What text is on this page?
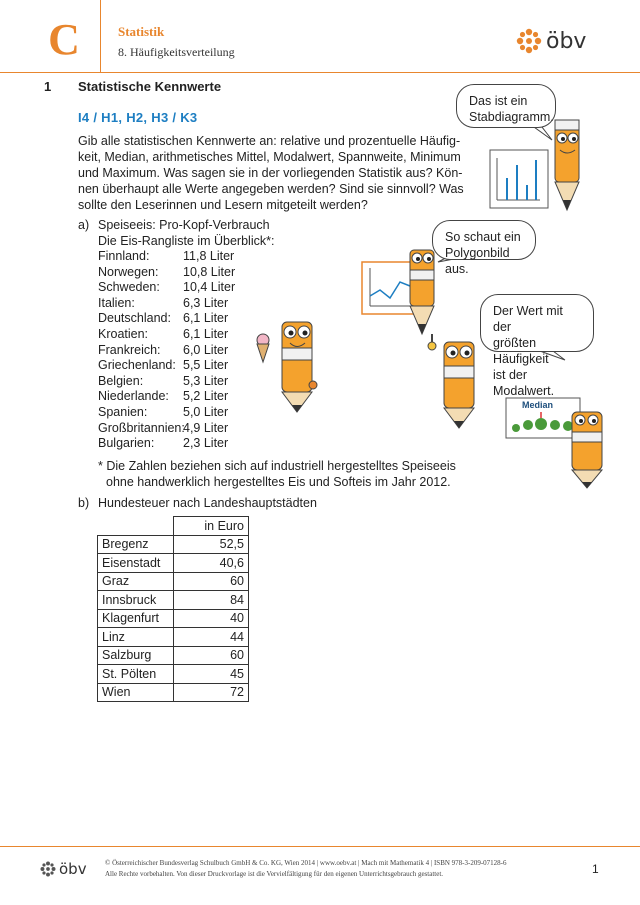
C	Statistik
8. Häufigkeitsverteilung	öbv
1 Statistische Kennwerte
I4 / H1, H2, H3 / K3
Gib alle statistischen Kennwerte an: relative und prozentuelle Häufig-
keit, Median, arithmetisches Mittel, Modalwert, Spannweite, Minimum
und Maximum. Was sagen sie in der vorliegenden Statistik aus? Kön-
nen überhaupt alle Werte angegeben werden? Sind sie sinnvoll? Was
sollte den Leserinnen und Lesern mitgeteilt werden?
a) Speiseeis: Pro-Kopf-Verbrauch
Die Eis-Rangliste im Überblick*:
Finnland:	11,8 Liter
Norwegen:	10,8 Liter
Schweden:	10,4 Liter
Italien:	6,3 Liter
Deutschland: 6,1 Liter
Kroatien:	6,1 Liter
Frankreich:	6,0 Liter
Griechenland: 5,5 Liter
Belgien:	5,3 Liter
Niederlande:	5,2 Liter
Spanien:	5,0 Liter
Großbritannien:
4,9 Liter
Bulgarien:	2,3 Liter
* Die Zahlen beziehen sich auf industriell hergestelltes Speiseeis
ohne handwerklich hergestelltes Eis und Softeis im Jahr 2012.
b) Hundesteuer nach Landeshauptstädten
	in Euro
Bregenz	52,5
Eisenstadt	40,6
Graz	60
Innsbruck	84
Klagenfurt	40
Linz	44
Salzburg	60
St. Pölten	45
Wien	72
Median
Das ist ein
Stabdiagramm.
So schaut ein
Polygonbild aus.
Der Wert mit der
größten Häufigkeit
ist der Modalwert.
öbv	© Österreichischer Bundesverlag Schulbuch GmbH & Co. KG, Wien 2014 | www.oebv.at | Mach mit Mathematik 4 | ISBN 978-3-209-07128-6
Alle Rechte vorbehalten. Von dieser Druckvorlage ist die Vervielfältigung für den eigenen Unterrichtsgebrauch gestattet.	1
